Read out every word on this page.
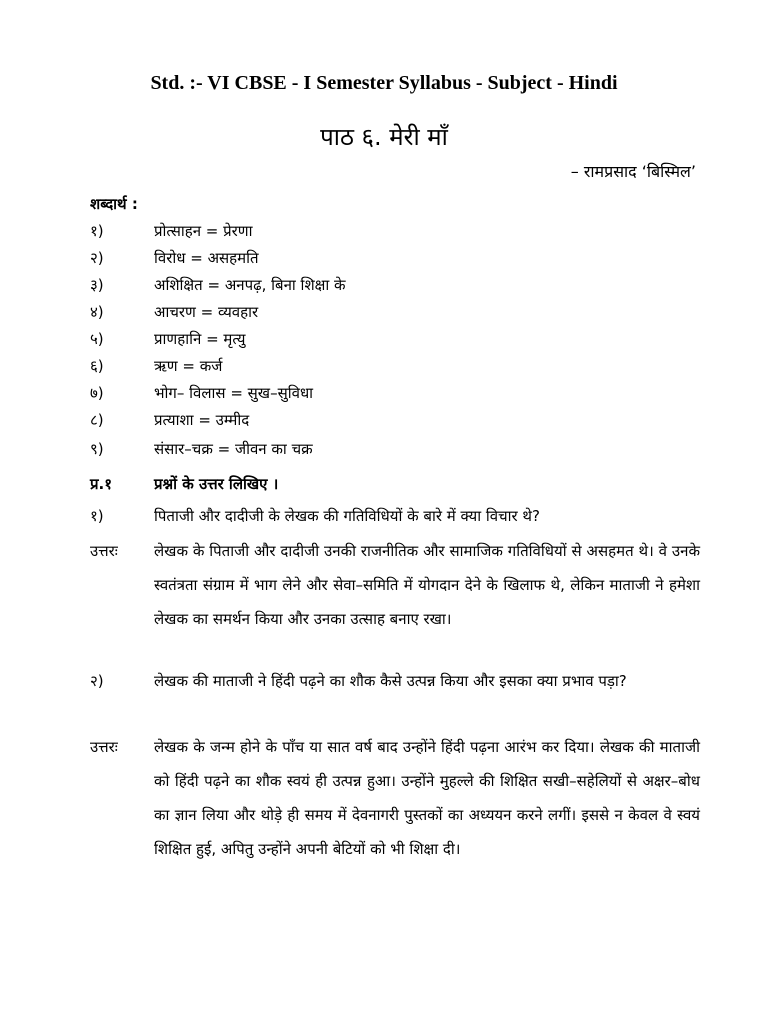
Std. :- VI CBSE - I Semester Syllabus - Subject - Hindi
पाठ ६. मेरी माँ
– रामप्रसाद ‘बिस्मिल’
शब्दार्थ :
१)	प्रोत्साहन = प्रेरणा
२)	विरोध = असहमति
३)	अशिक्षित = अनपढ़, बिना शिक्षा के
४)	आचरण = व्यवहार
५)	प्राणहानि = मृत्यु
६)	ऋण = कर्ज
७)	भोग– विलास = सुख–सुविधा
८)	प्रत्याशा = उम्मीद
९)	संसार–चक्र = जीवन का चक्र
प्र.१	प्रश्नों के उत्तर लिखिए ।
१)	पिताजी और दादीजी के लेखक की गतिविधियों के बारे में क्या विचार थे?
उत्तरः लेखक के पिताजी और दादीजी उनकी राजनीतिक और सामाजिक गतिविधियों से असहमत थे। वे उनके स्वतंत्रता संग्राम में भाग लेने और सेवा–समिति में योगदान देने के खिलाफ थे, लेकिन माताजी ने हमेशा लेखक का समर्थन किया और उनका उत्साह बनाए रखा।
२)	लेखक की माताजी ने हिंदी पढ़ने का शौक कैसे उत्पन्न किया और इसका क्या प्रभाव पड़ा?
उत्तरः लेखक के जन्म होने के पाँच या सात वर्ष बाद उन्होंने हिंदी पढ़ना आरंभ कर दिया। लेखक की माताजी को हिंदी पढ़ने का शौक स्वयं ही उत्पन्न हुआ। उन्होंने मुहल्ले की शिक्षित सखी–सहेलियों से अक्षर–बोध का ज्ञान लिया और थोड़े ही समय में देवनागरी पुस्तकों का अध्ययन करने लगीं। इससे न केवल वे स्वयं शिक्षित हुई, अपितु उन्होंने अपनी बेटियों को भी शिक्षा दी।
